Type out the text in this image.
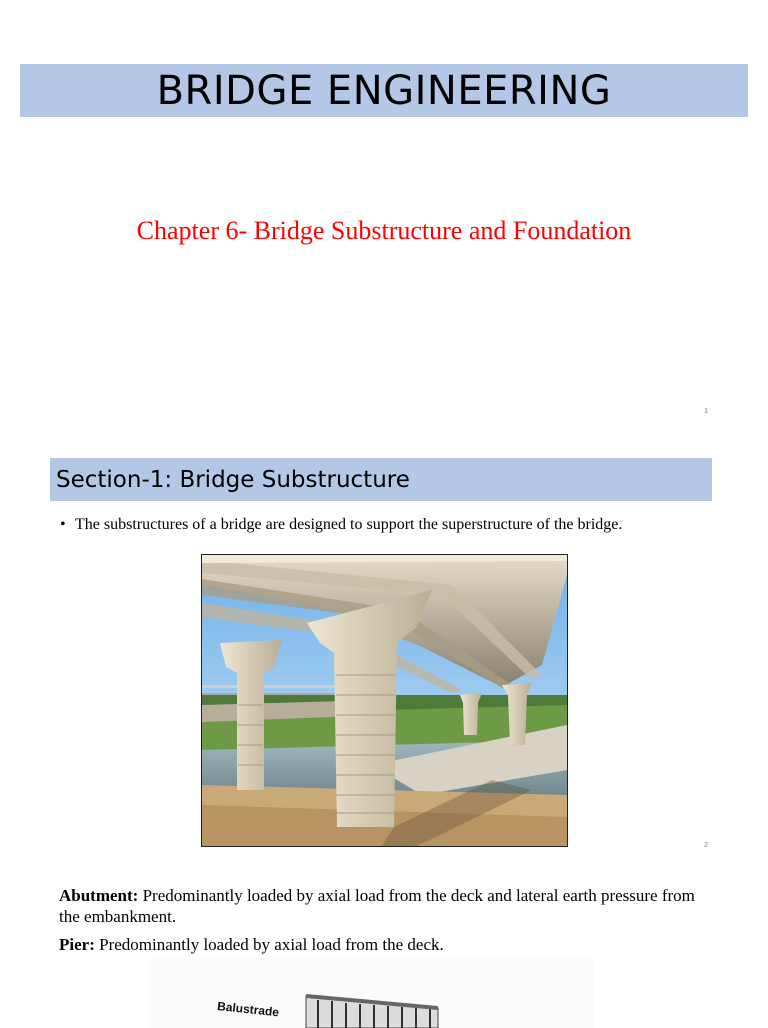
BRIDGE ENGINEERING
Chapter 6- Bridge Substructure and Foundation
1
Section-1: Bridge Substructure
• The substructures of a bridge are designed to support the superstructure of the bridge.
2
Abutment: Predominantly loaded by axial load from the deck and lateral earth pressure from the embankment.
Pier: Predominantly loaded by axial load from the deck.
Balustrade
